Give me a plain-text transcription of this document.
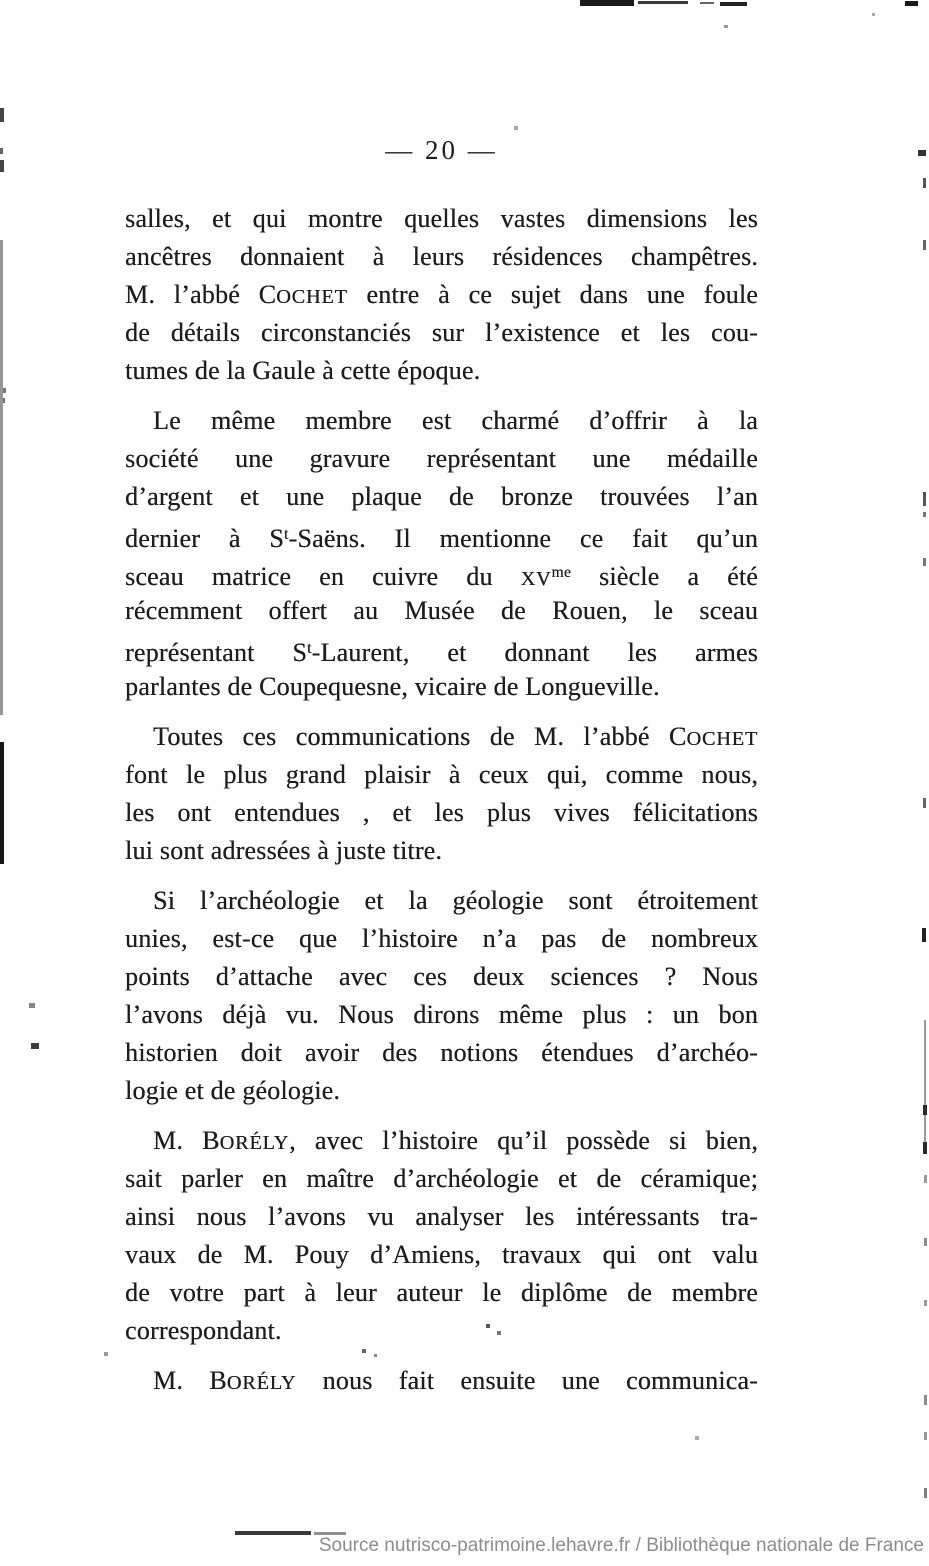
— 20 —
salles, et qui montre quelles vastes dimensions les
ancêtres donnaient à leurs résidences champêtres.
M. l’abbé COCHET entre à ce sujet dans une foule
de détails circonstanciés sur l’existence et les cou-
tumes de la Gaule à cette époque.
Le même membre est charmé d’offrir à la
société une gravure représentant une médaille
d’argent et une plaque de bronze trouvées l’an
dernier à $S^t$-Saëns. Il mentionne ce fait qu’un
sceau matrice en cuivre du $XV^{me}$ siècle a été
récemment offert au Musée de Rouen, le sceau
représentant $S^t$-Laurent, et donnant les armes
parlantes de Coupequesne, vicaire de Longueville.
Toutes ces communications de M. l’abbé COCHET
font le plus grand plaisir à ceux qui, comme nous,
les ont entendues , et les plus vives félicitations
lui sont adressées à juste titre.
Si l’archéologie et la géologie sont étroitement
unies, est-ce que l’histoire n’a pas de nombreux
points d’attache avec ces deux sciences ? Nous
l’avons déjà vu. Nous dirons même plus : un bon
historien doit avoir des notions étendues d’archéo-
logie et de géologie.
M. BORÉLY, avec l’histoire qu’il possède si bien,
sait parler en maître d’archéologie et de céramique;
ainsi nous l’avons vu analyser les intéressants tra-
vaux de M. Pouy d’Amiens, travaux qui ont valu
de votre part à leur auteur le diplôme de membre
correspondant.
M. BORÉLY nous fait ensuite une communica-
Source nutrisco-patrimoine.lehavre.fr / Bibliothèque nationale de France
